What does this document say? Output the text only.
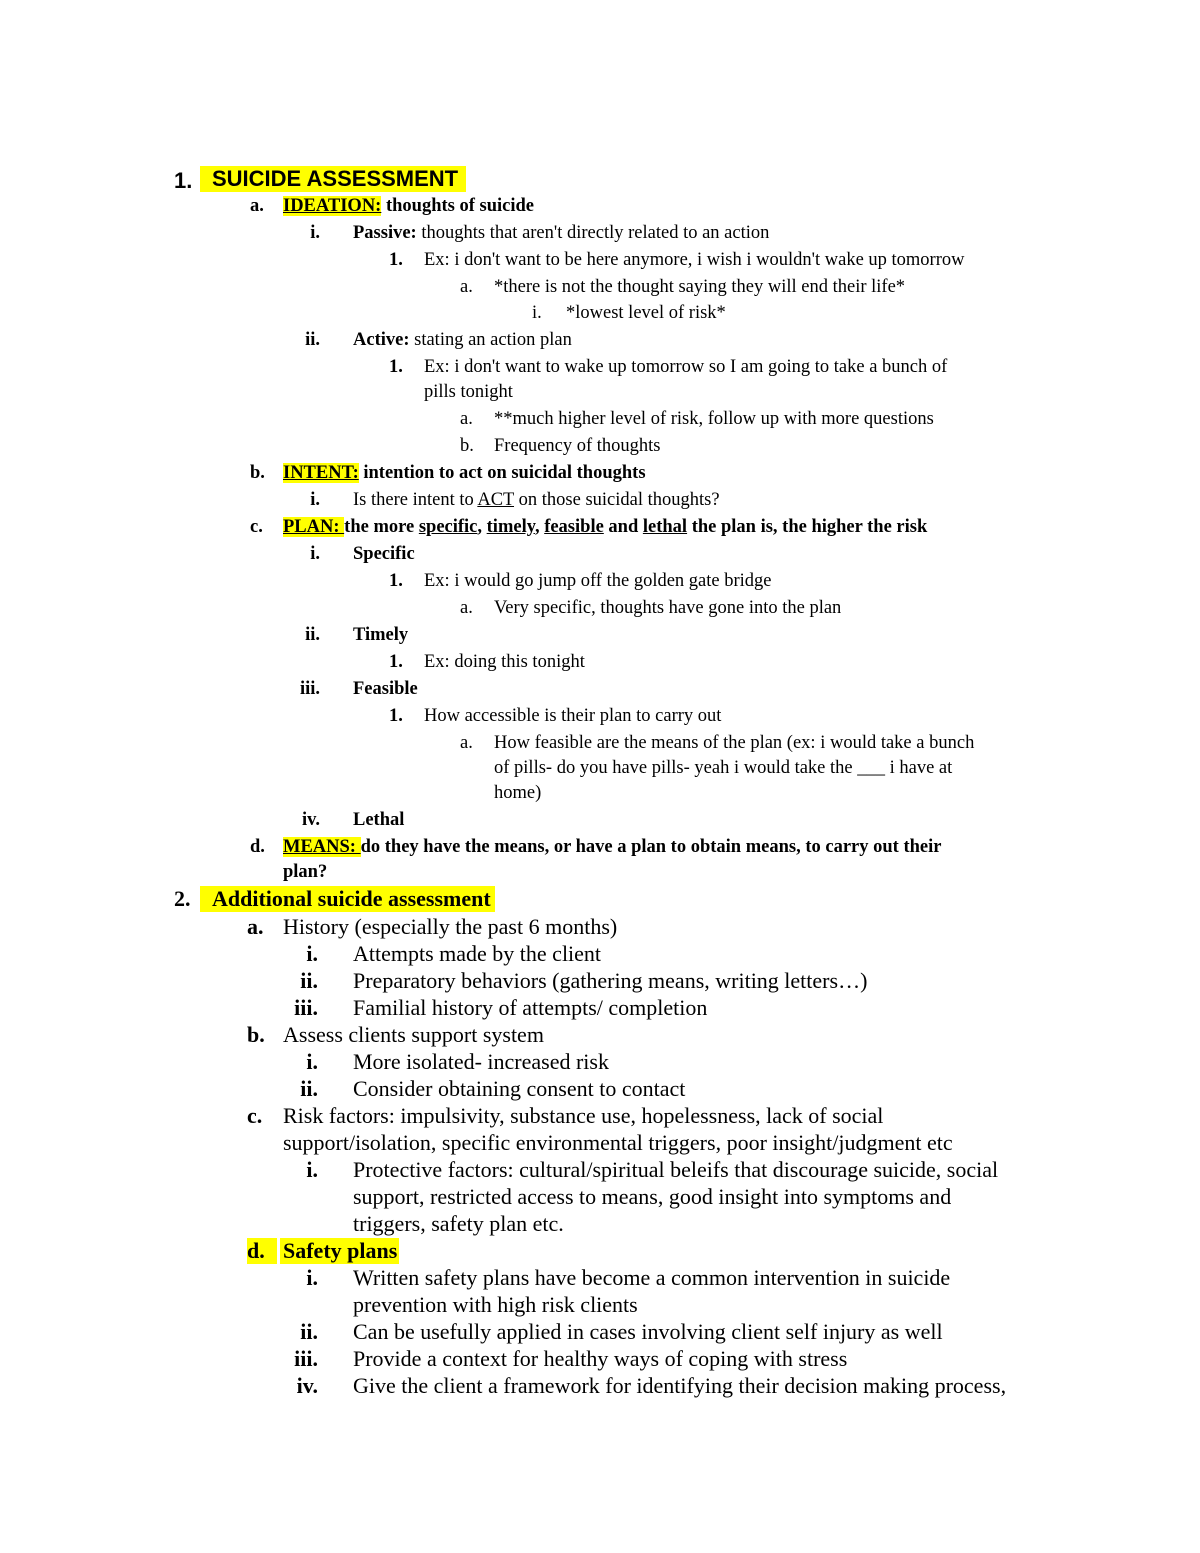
1. SUICIDE ASSESSMENT
a. IDEATION: thoughts of suicide
i. Passive: thoughts that aren't directly related to an action
1. Ex: i don't want to be here anymore, i wish i wouldn't wake up tomorrow
a. *there is not the thought saying they will end their life*
i. *lowest level of risk*
ii. Active: stating an action plan
1. Ex: i don't want to wake up tomorrow so I am going to take a bunch of
pills tonight
a. **much higher level of risk, follow up with more questions
b. Frequency of thoughts
b. INTENT: intention to act on suicidal thoughts
i. Is there intent to ACT on those suicidal thoughts?
c. PLAN: the more specific, timely, feasible and lethal the plan is, the higher the risk
i. Specific
1. Ex: i would go jump off the golden gate bridge
a. Very specific, thoughts have gone into the plan
ii. Timely
1. Ex: doing this tonight
iii. Feasible
1. How accessible is their plan to carry out
a. How feasible are the means of the plan (ex: i would take a bunch
of pills- do you have pills- yeah i would take the ___ i have at
home)
iv. Lethal
d. MEANS: do they have the means, or have a plan to obtain means, to carry out their
plan?
2. Additional suicide assessment
a. History (especially the past 6 months)
i. Attempts made by the client
ii. Preparatory behaviors (gathering means, writing letters…)
iii. Familial history of attempts/ completion
b. Assess clients support system
i. More isolated- increased risk
ii. Consider obtaining consent to contact
c. Risk factors: impulsivity, substance use, hopelessness, lack of social
support/isolation, specific environmental triggers, poor insight/judgment etc
i. Protective factors: cultural/spiritual beleifs that discourage suicide, social
support, restricted access to means, good insight into symptoms and
triggers, safety plan etc.
d. Safety plans
i. Written safety plans have become a common intervention in suicide
prevention with high risk clients
ii. Can be usefully applied in cases involving client self injury as well
iii. Provide a context for healthy ways of coping with stress
iv. Give the client a framework for identifying their decision making process,
